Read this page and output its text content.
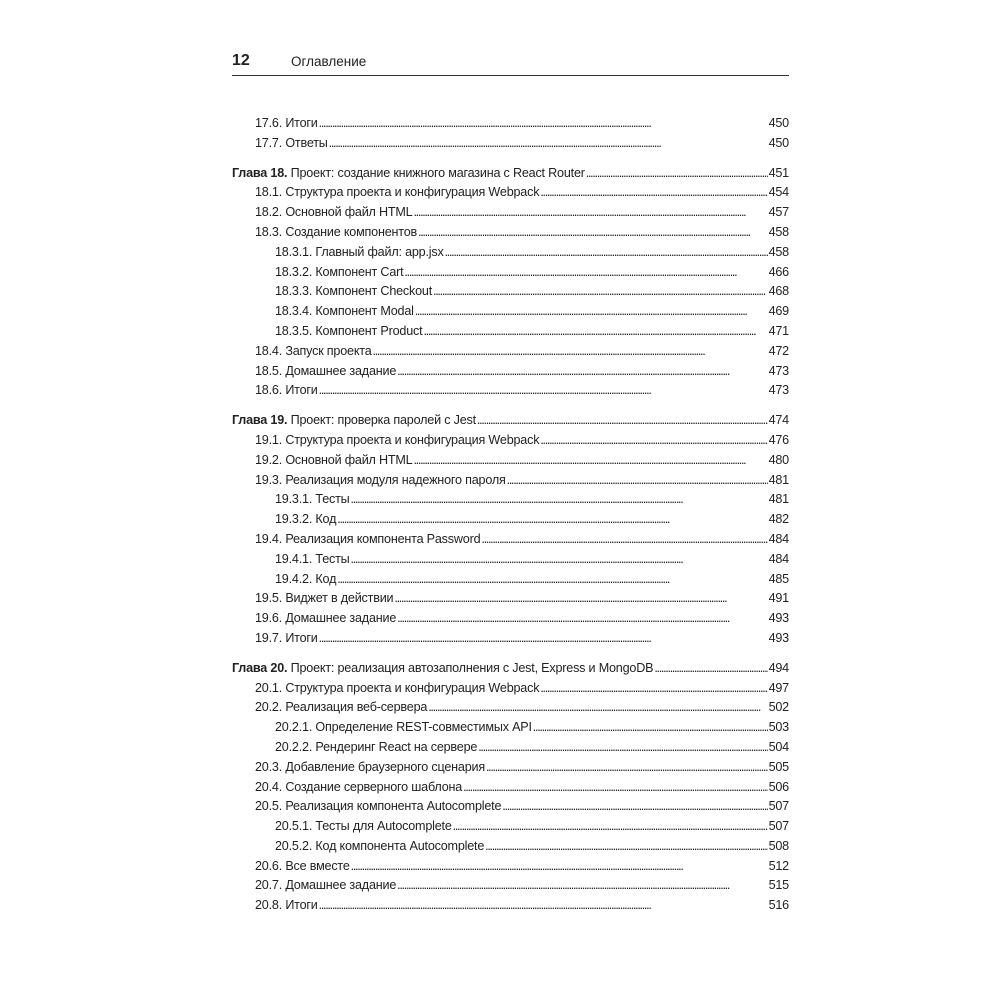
12	Оглавление
17.6. Итоги . . .	450
17.7. Ответы . . .	450
Глава 18. Проект: создание книжного магазина с React Router . . .	451
18.1. Структура проекта и конфигурация Webpack . . .	454
18.2. Основной файл HTML . . .	457
18.3. Создание компонентов . . .	458
18.3.1. Главный файл: app.jsx . . .	458
18.3.2. Компонент Cart . . .	466
18.3.3. Компонент Checkout . . .	468
18.3.4. Компонент Modal . . .	469
18.3.5. Компонент Product . . .	471
18.4. Запуск проекта . . .	472
18.5. Домашнее задание . . .	473
18.6. Итоги . . .	473
Глава 19. Проект: проверка паролей с Jest . . .	474
19.1. Структура проекта и конфигурация Webpack . . .	476
19.2. Основной файл HTML . . .	480
19.3. Реализация модуля надежного пароля . . .	481
19.3.1. Тесты . . .	481
19.3.2. Код . . .	482
19.4. Реализация компонента Password . . .	484
19.4.1. Тесты . . .	484
19.4.2. Код . . .	485
19.5. Виджет в действии . . .	491
19.6. Домашнее задание . . .	493
19.7. Итоги . . .	493
Глава 20. Проект: реализация автозаполнения с Jest, Express и MongoDB . . .	494
20.1. Структура проекта и конфигурация Webpack . . .	497
20.2. Реализация веб-сервера . . .	502
20.2.1. Определение REST-совместимых API . . .	503
20.2.2. Рендеринг React на сервере . . .	504
20.3. Добавление браузерного сценария . . .	505
20.4. Создание серверного шаблона . . .	506
20.5. Реализация компонента Autocomplete . . .	507
20.5.1. Тесты для Autocomplete . . .	507
20.5.2. Код компонента Autocomplete . . .	508
20.6. Все вместе . . .	512
20.7. Домашнее задание . . .	515
20.8. Итоги . . .	516
